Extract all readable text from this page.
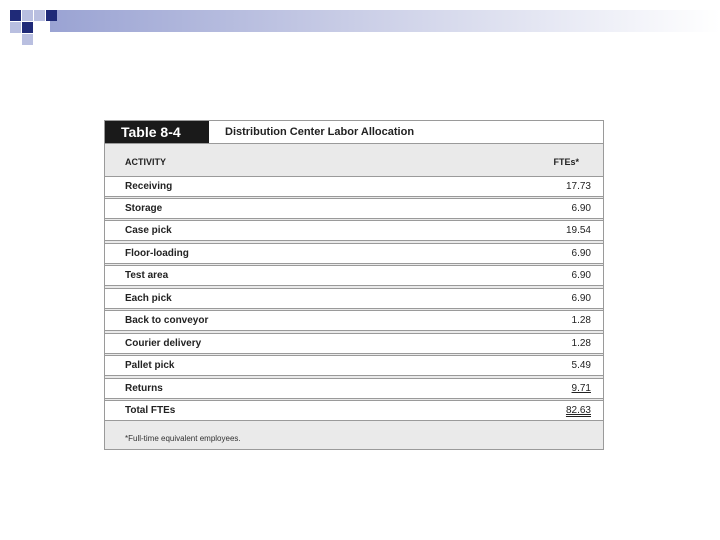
Table 8-4	Distribution Center Labor Allocation
ACTIVITY	FTEs*
Receiving	17.73
Storage	6.90
Case pick	19.54
Floor-loading	6.90
Test area	6.90
Each pick	6.90
Back to conveyor	1.28
Courier delivery	1.28
Pallet pick	5.49
Returns	9.71
Total FTEs	82.63
*Full-time equivalent employees.
